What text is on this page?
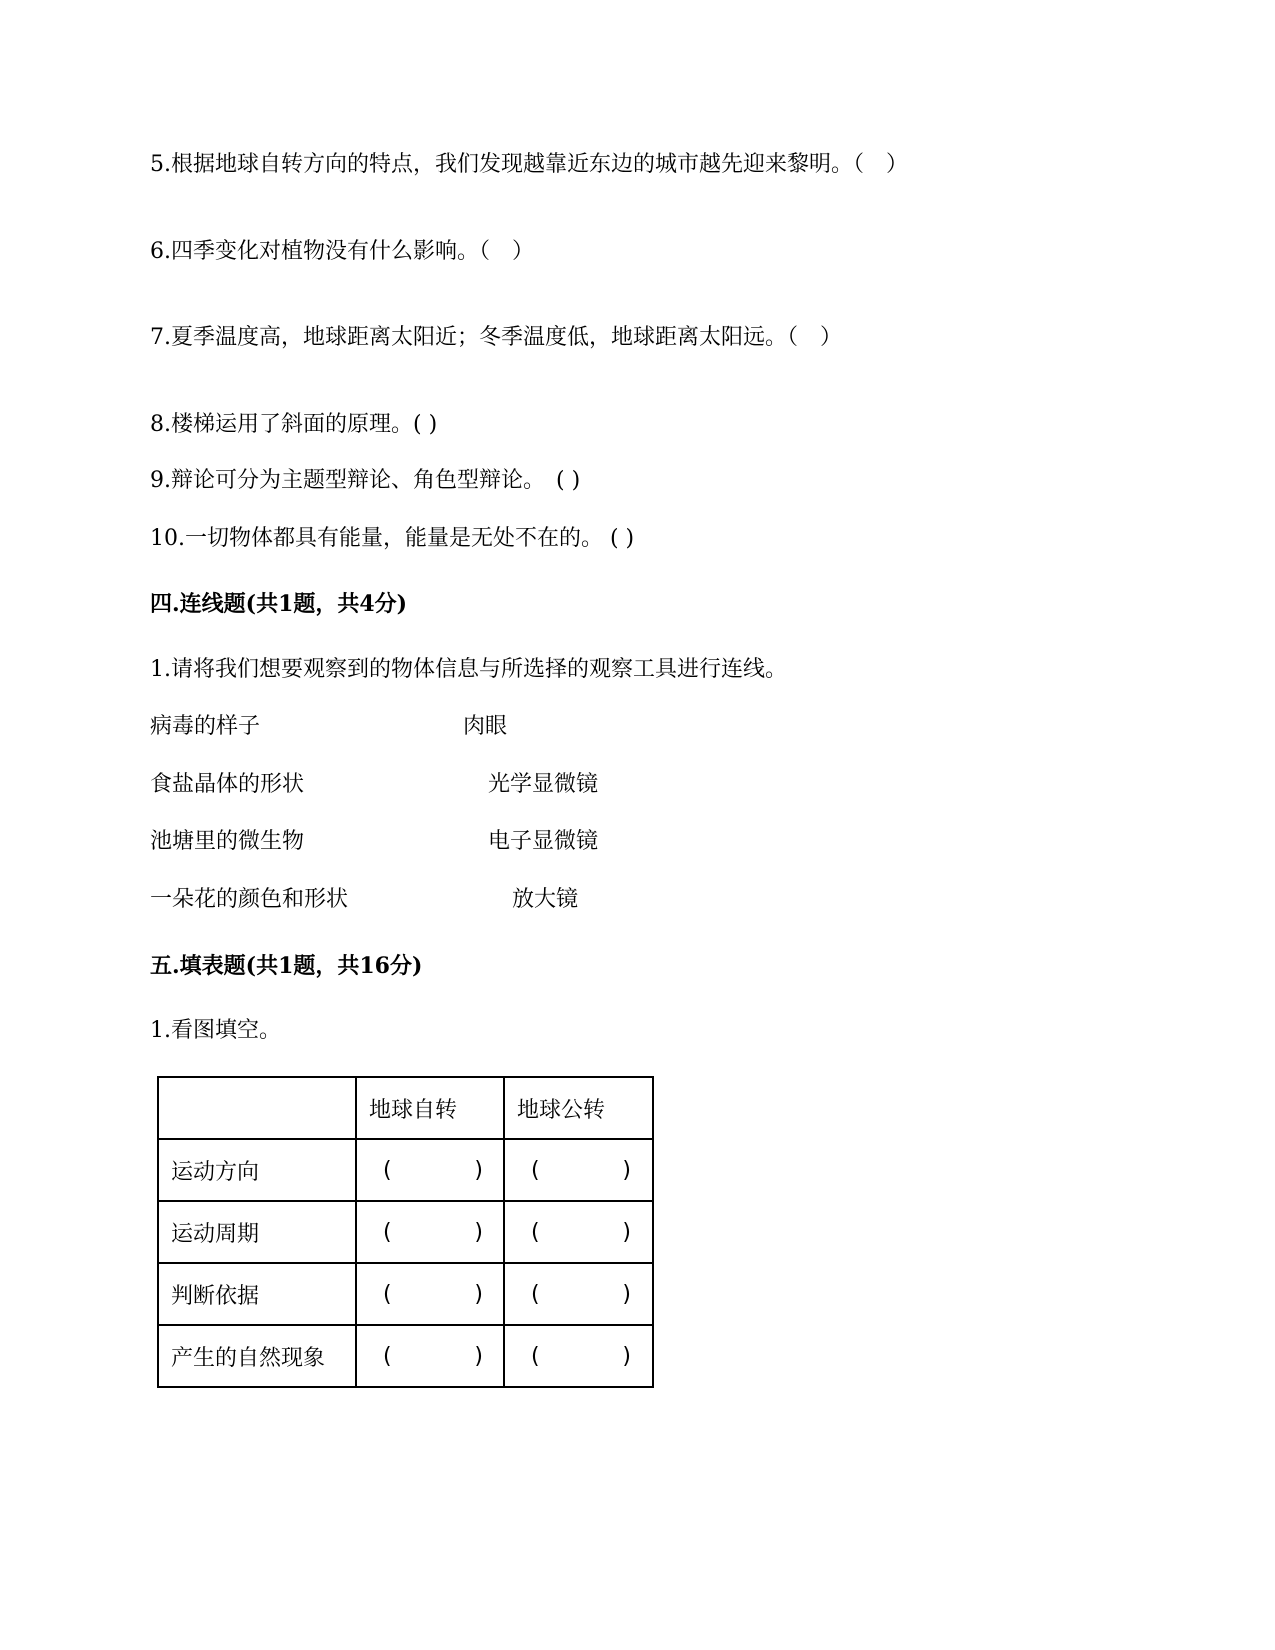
5.根据地球自转方向的特点，我们发现越靠近东边的城市越先迎来黎明。（　）
6.四季变化对植物没有什么影响。（　）
7.夏季温度高，地球距离太阳近；冬季温度低，地球距离太阳远。（　）
8.楼梯运用了斜面的原理。( )
9.辩论可分为主题型辩论、角色型辩论。　( )
10.一切物体都具有能量，能量是无处不在的。 ( )
四.连线题(共1题，共4分)
1.请将我们想要观察到的物体信息与所选择的观察工具进行连线。
病毒的样子
食盐晶体的形状
池塘里的微生物
一朵花的颜色和形状
肉眼
光学显微镜
电子显微镜
放大镜
五.填表题(共1题，共16分)
1.看图填空。
	地球自转	地球公转
运动方向	( )	( )

运动周期	( )	( )

判断依据	( )	( )

产生的自然现象	( )	( )
